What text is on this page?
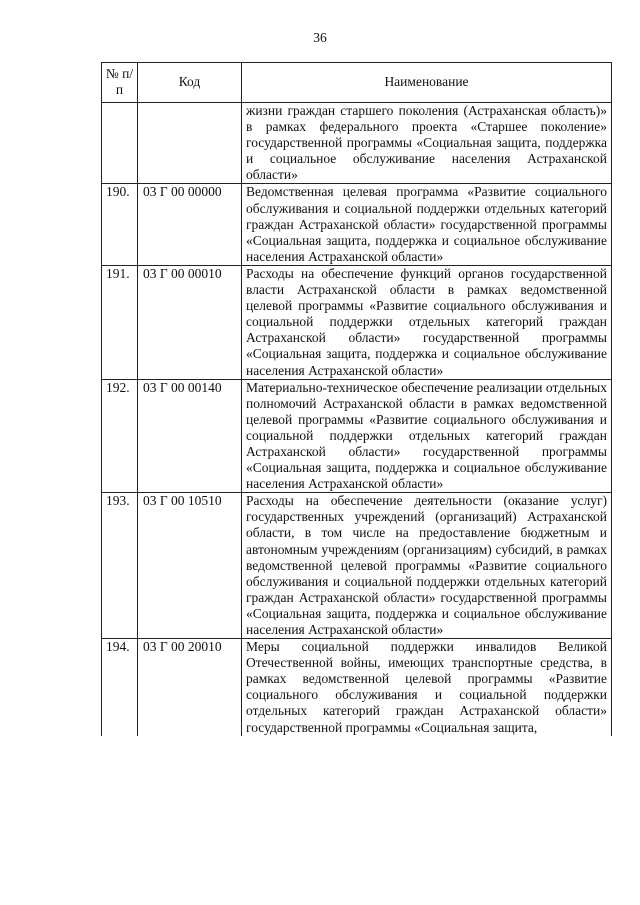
36
№ п/п	Код	Наименование
		жизни граждан старшего поколения (Астраханская область)» в рамках федерального проекта «Старшее поколение» государственной программы «Социальная защита, поддержка и социальное обслуживание населения Астраханской области»
190.	03 Г 00 00000	Ведомственная целевая программа «Развитие социального обслуживания и социальной поддержки отдельных категорий граждан Астраханской области» государственной программы «Социальная защита, поддержка и социальное обслуживание населения Астраханской области»
191.	03 Г 00 00010	Расходы на обеспечение функций органов государственной власти Астраханской области в рамках ведомственной целевой программы «Развитие социального обслуживания и социальной поддержки отдельных категорий граждан Астраханской области» государственной программы «Социальная защита, поддержка и социальное обслуживание населения Астраханской области»
192.	03 Г 00 00140	Материально-техническое обеспечение реализации отдельных полномочий Астраханской области в рамках ведомственной целевой программы «Развитие социального обслуживания и социальной поддержки отдельных категорий граждан Астраханской области» государственной программы «Социальная защита, поддержка и социальное обслуживание населения Астраханской области»
193.	03 Г 00 10510	Расходы на обеспечение деятельности (оказание услуг) государственных учреждений (организаций) Астраханской области, в том числе на предоставление бюджетным и автономным учреждениям (организациям) субсидий, в рамках ведомственной целевой программы «Развитие социального обслуживания и социальной поддержки отдельных категорий граждан Астраханской области» государственной программы «Социальная защита, поддержка и социальное обслуживание населения Астраханской области»
194.	03 Г 00 20010	Меры социальной поддержки инвалидов Великой Отечественной войны, имеющих транспортные средства, в рамках ведомственной целевой программы «Развитие социального обслуживания и социальной поддержки отдельных категорий граждан Астраханской области» государственной программы «Социальная защита,
